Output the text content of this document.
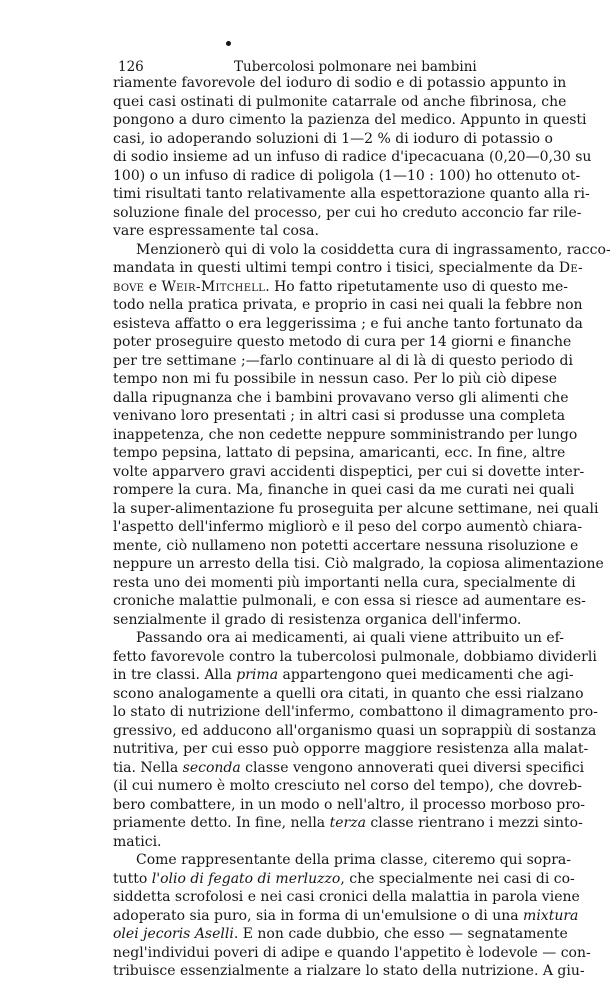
126	Tubercolosi polmonare nei bambini
riamente favorevole del ioduro di sodio e di potassio appunto in
quei casi ostinati di pulmonite catarrale od anche fibrinosa, che
pongono a duro cimento la pazienza del medico. Appunto in questi
casi, io adoperando soluzioni di 1—2 % di ioduro di potassio o
di sodio insieme ad un infuso di radice d'ipecacuana (0,20—0,30 su
100) o un infuso di radice di poligola (1—10 : 100) ho ottenuto ot-
timi risultati tanto relativamente alla espettorazione quanto alla ri-
soluzione finale del processo, per cui ho creduto acconcio far rile-
vare espressamente tal cosa.
Menzionerò qui di volo la cosiddetta cura di ingrassamento, racco-
mandata in questi ultimi tempi contro i tisici, specialmente da De-
bove e Weir-Mitchell. Ho fatto ripetutamente uso di questo me-
todo nella pratica privata, e proprio in casi nei quali la febbre non
esisteva affatto o era leggerissima ; e fui anche tanto fortunato da
poter proseguire questo metodo di cura per 14 giorni e finanche
per tre settimane ;—farlo continuare al di là di questo periodo di
tempo non mi fu possibile in nessun caso. Per lo più ciò dipese
dalla ripugnanza che i bambini provavano verso gli alimenti che
venivano loro presentati ; in altri casi si produsse una completa
inappetenza, che non cedette neppure somministrando per lungo
tempo pepsina, lattato di pepsina, amaricanti, ecc. In fine, altre
volte apparvero gravi accidenti dispeptici, per cui si dovette inter-
rompere la cura. Ma, finanche in quei casi da me curati nei quali
la super-alimentazione fu proseguita per alcune settimane, nei quali
l'aspetto dell'infermo migliorò e il peso del corpo aumentò chiara-
mente, ciò nullameno non potetti accertare nessuna risoluzione e
neppure un arresto della tisi. Ciò malgrado, la copiosa alimentazione
resta uno dei momenti più importanti nella cura, specialmente di
croniche malattie pulmonali, e con essa si riesce ad aumentare es-
senzialmente il grado di resistenza organica dell'infermo.
Passando ora ai medicamenti, ai quali viene attribuito un ef-
fetto favorevole contro la tubercolosi pulmonale, dobbiamo dividerli
in tre classi. Alla prima appartengono quei medicamenti che agi-
scono analogamente a quelli ora citati, in quanto che essi rialzano
lo stato di nutrizione dell'infermo, combattono il dimagramento pro-
gressivo, ed adducono all'organismo quasi un soprappiù di sostanza
nutritiva, per cui esso può opporre maggiore resistenza alla malat-
tia. Nella seconda classe vengono annoverati quei diversi specifici
(il cui numero è molto cresciuto nel corso del tempo), che dovreb-
bero combattere, in un modo o nell'altro, il processo morboso pro-
priamente detto. In fine, nella terza classe rientrano i mezzi sinto-
matici.
Come rappresentante della prima classe, citeremo qui sopra-
tutto l'olio di fegato di merluzzo, che specialmente nei casi di co-
siddetta scrofolosi e nei casi cronici della malattia in parola viene
adoperato sia puro, sia in forma di un'emulsione o di una mixtura
olei jecoris Aselli. E non cade dubbio, che esso — segnatamente
negl'individui poveri di adipe e quando l'appetito è lodevole — con-
tribuisce essenzialmente a rialzare lo stato della nutrizione. A giu-
